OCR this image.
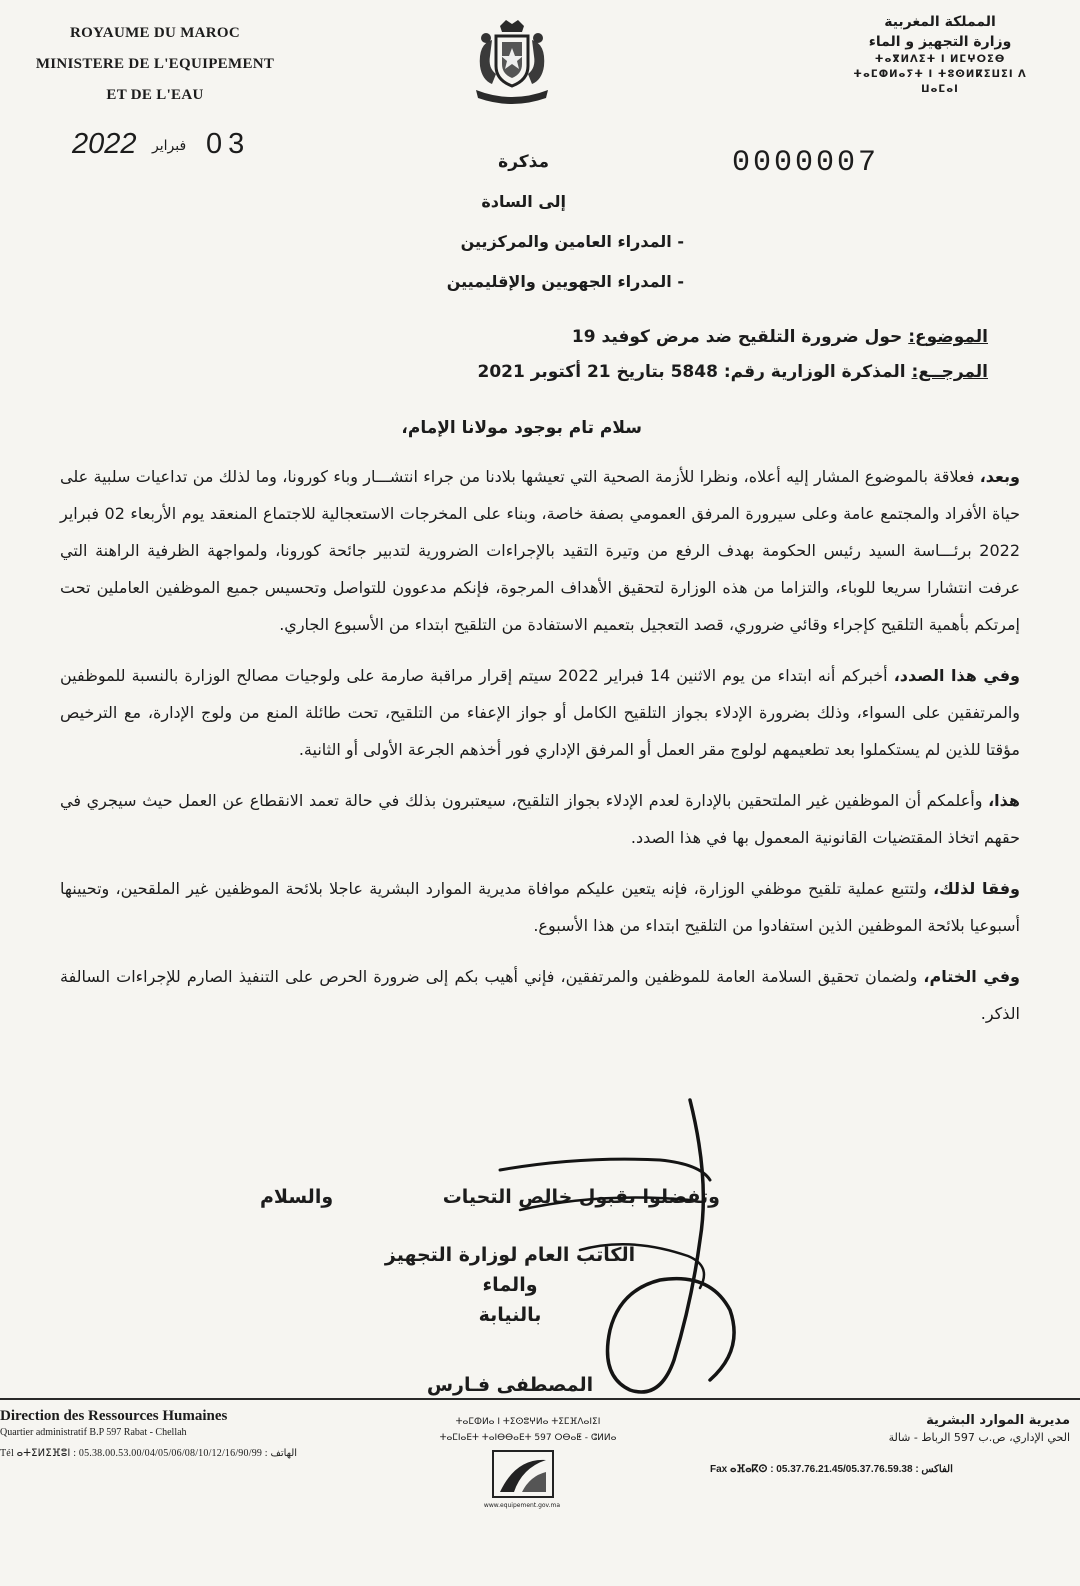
ROYAUME DU MAROC
MINISTERE DE L'EQUIPEMENT
ET DE L'EAU
المملكة المغربية
وزارة التجهيز و الماء
ⵜⴰⴳⵍⴷⵉⵜ ⵏ ⵍⵎⵖⵔⵉⴱ
ⵜⴰⵎⵀⵍⴰⵢⵜ ⵏ ⵜⵓⵙⵍⴽⵉⵡⵉⵏ ⴷ ⵡⴰⵎⴰⵏ
2022 فبراير 03
0000007
مذكرة
إلى السادة
- المدراء العامين والمركزيين
- المدراء الجهويين والإقليميين
الموضوع: حول ضرورة التلقيح ضد مرض كوفيد 19
المرجــع: المذكرة الوزارية رقم: 5848 بتاريخ 21 أكتوبر 2021
سلام تام بوجود مولانا الإمام،

وبعد، فعلاقة بالموضوع المشار إليه أعلاه، ونظرا للأزمة الصحية التي تعيشها بلادنا من جراء انتشـــار وباء كورونا، وما لذلك من تداعيات سلبية على حياة الأفراد والمجتمع عامة وعلى سيرورة المرفق العمومي بصفة خاصة، وبناء على المخرجات الاستعجالية للاجتماع المنعقد يوم الأربعاء 02 فبراير 2022 برئـــاسة السيد رئيس الحكومة بهدف الرفع من وتيرة التقيد بالإجراءات الضرورية لتدبير جائحة كورونا، ولمواجهة الظرفية الراهنة التي عرفت انتشارا سريعا للوباء، والتزاما من هذه الوزارة لتحقيق الأهداف المرجوة، فإنكم مدعوون للتواصل وتحسيس جميع الموظفين العاملين تحت إمرتكم بأهمية التلقيح كإجراء وقائي ضروري، قصد التعجيل بتعميم الاستفادة من التلقيح ابتداء من الأسبوع الجاري.

وفي هذا الصدد، أخبركم أنه ابتداء من يوم الاثنين 14 فبراير 2022 سيتم إقرار مراقبة صارمة على ولوجيات مصالح الوزارة بالنسبة للموظفين والمرتفقين على السواء، وذلك بضرورة الإدلاء بجواز التلقيح الكامل أو جواز الإعفاء من التلقيح، تحت طائلة المنع من ولوج الإدارة، مع الترخيص مؤقتا للذين لم يستكملوا بعد تطعيمهم لولوج مقر العمل أو المرفق الإداري فور أخذهم الجرعة الأولى أو الثانية.

هذا، وأعلمكم أن الموظفين غير الملتحقين بالإدارة لعدم الإدلاء بجواز التلقيح، سيعتبرون بذلك في حالة تعمد الانقطاع عن العمل حيث سيجري في حقهم اتخاذ المقتضيات القانونية المعمول بها في هذا الصدد.

وفقا لذلك، ولتتبع عملية تلقيح موظفي الوزارة، فإنه يتعين عليكم موافاة مديرية الموارد البشرية عاجلا بلائحة الموظفين غير الملقحين، وتحيينها أسبوعيا بلائحة الموظفين الذين استفادوا من التلقيح ابتداء من هذا الأسبوع.

وفي الختام، ولضمان تحقيق السلامة العامة للموظفين والمرتفقين، فإني أهيب بكم إلى ضرورة الحرص على التنفيذ الصارم للإجراءات السالفة الذكر.

وتفضلوا بقبول خالص التحيات
والسلام
الكاتب العام لوزارة التجهيز والماء
بالنيابة
المصطفى فـارس
Direction des Ressources Humaines
Quartier administratif B.P 597 Rabat - Chellah
Tél ⴰⵜⵉⵍⵉⴼⵓⵏ : 05.38.00.53.00/04/05/06/08/10/12/16/90/99 : الهاتف
ⵜⴰⵎⵀⵍⴰ ⵏ ⵜⵉⵙⵓⵖⵍⴰ ⵜⵉⵎⴼⴷⴰⵏⵉⵏ
ⵜⴰⵎⵏⴰⴹⵜ ⵜⴰⵏⴱⴱⴰⴹⵜ 597 ⵔⴱⴰⵟ - ⵛⵍⵍⴰ
www.equipement.gov.ma
مديرية الموارد البشرية
الحي الإداري، ص.ب 597 الرباط - شالة
Fax ⴰⴼⴰⴽⵙ : 05.37.76.21.45/05.37.76.59.38 : الفاكس
